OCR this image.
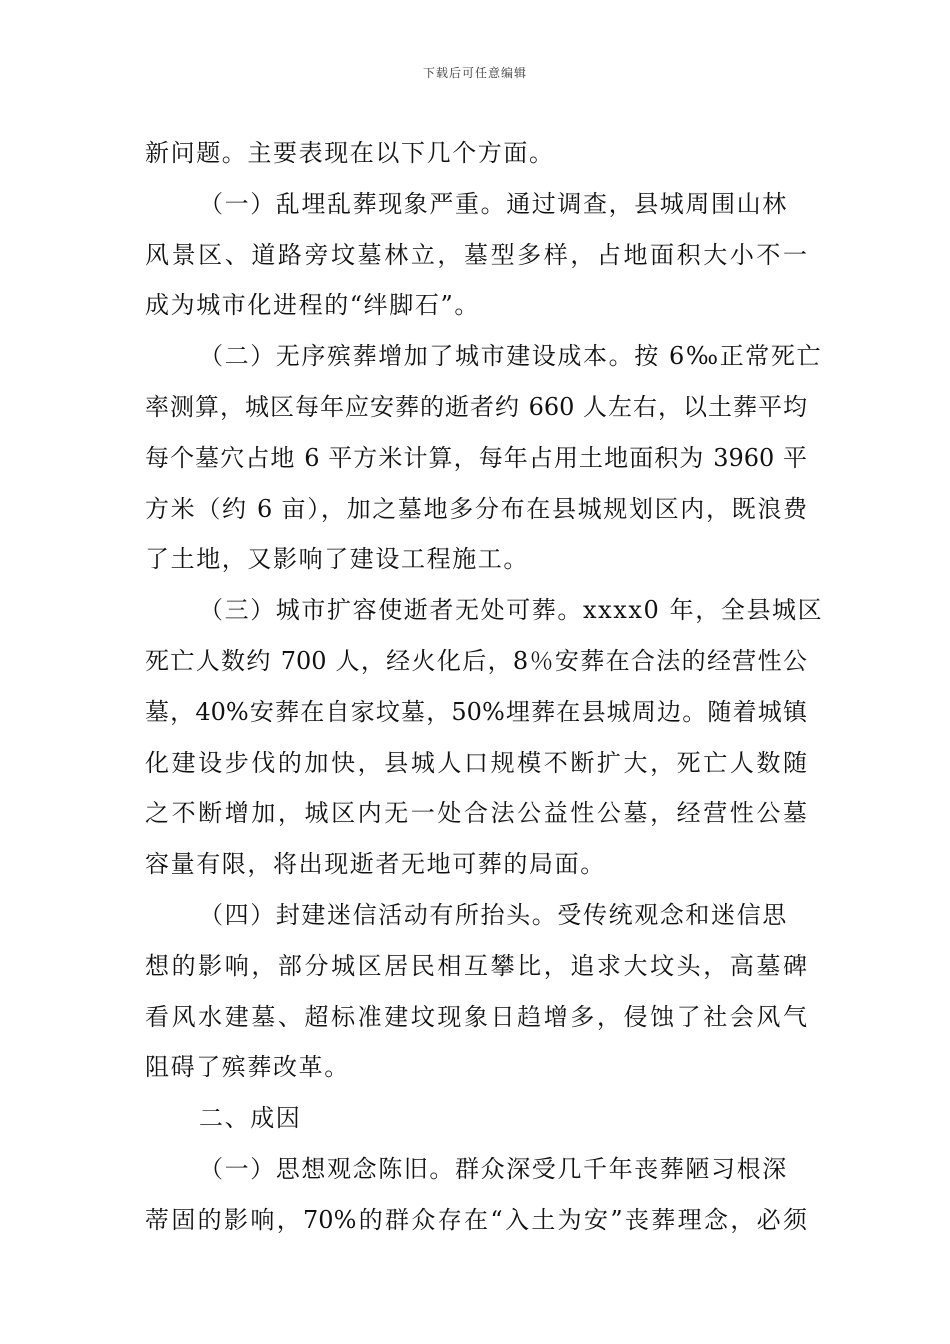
下载后可任意编辑
新问题。主要表现在以下几个方面。
（一）乱埋乱葬现象严重。通过调查，县城周围山林
风景区、道路旁坟墓林立，墓型多样，占地面积大小不一
成为城市化进程的“绊脚石”。
（二）无序殡葬增加了城市建设成本。按 6‰正常死亡
率测算，城区每年应安葬的逝者约 660 人左右，以土葬平均
每个墓穴占地 6 平方米计算，每年占用土地面积为 3960 平
方米（约 6 亩），加之墓地多分布在县城规划区内，既浪费
了土地，又影响了建设工程施工。
（三）城市扩容使逝者无处可葬。xxxx0 年，全县城区
死亡人数约 700 人，经火化后，8％安葬在合法的经营性公
墓，40%安葬在自家坟墓，50%埋葬在县城周边。随着城镇
化建设步伐的加快，县城人口规模不断扩大，死亡人数随
之不断增加，城区内无一处合法公益性公墓，经营性公墓
容量有限，将出现逝者无地可葬的局面。
（四）封建迷信活动有所抬头。受传统观念和迷信思
想的影响，部分城区居民相互攀比，追求大坟头，高墓碑
看风水建墓、超标准建坟现象日趋增多，侵蚀了社会风气
阻碍了殡葬改革。
二、成因
（一）思想观念陈旧。群众深受几千年丧葬陋习根深
蒂固的影响，70%的群众存在“入土为安”丧葬理念，必须
